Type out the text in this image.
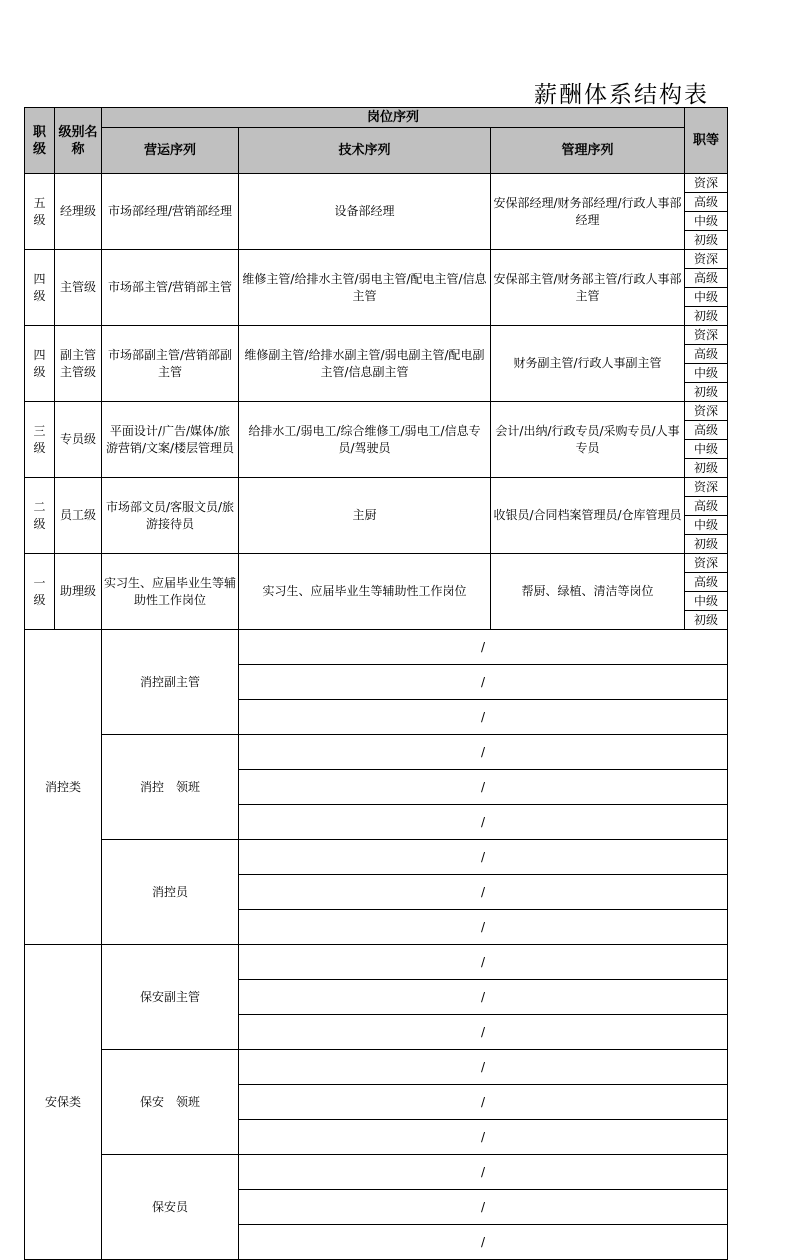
薪酬体系结构表
职级	级别名称	岗位序列			职等	
		营运序列	技术序列	管理序列		
五级	经理级	市场部经理/营销部经理	设备部经理	安保部经理/财务部经理/行政人事部经理	资深	
					高级	
					中级	
					初级	
四级	主管级	市场部主管/营销部主管	维修主管/给排水主管/弱电主管/配电主管/信息主管	安保部主管/财务部主管/行政人事部主管	资深	
					高级	
					中级	
					初级	
四级	副主管主管级	市场部副主管/营销部副主管	维修副主管/给排水副主管/弱电副主管/配电副主管/信息副主管	财务副主管/行政人事副主管	资深	
					高级	
					中级	
					初级	
三级	专员级	平面设计/广告/媒体/旅游营销/文案/楼层管理员	给排水工/弱电工/综合维修工/弱电工/信息专员/驾驶员	会计/出纳/行政专员/采购专员/人事专员	资深	
					高级	
					中级	
					初级	
二级	员工级	市场部文员/客服文员/旅游接待员	主厨	收银员/合同档案管理员/仓库管理员	资深	
					高级	
					中级	
					初级	
一级	助理级	实习生、应届毕业生等辅助性工作岗位	实习生、应届毕业生等辅助性工作岗位	帮厨、绿植、清洁等岗位	资深	
					高级	
					中级	
					初级	
消控类		消控副主管	/	
			/	
			/	
		消控　领班	/	
			/	
			/	
		消控员	/	
			/	
			/	
安保类		保安副主管	/	
			/	
			/	
		保安　领班	/	
			/	
			/	
		保安员	/	
			/	
			/	
